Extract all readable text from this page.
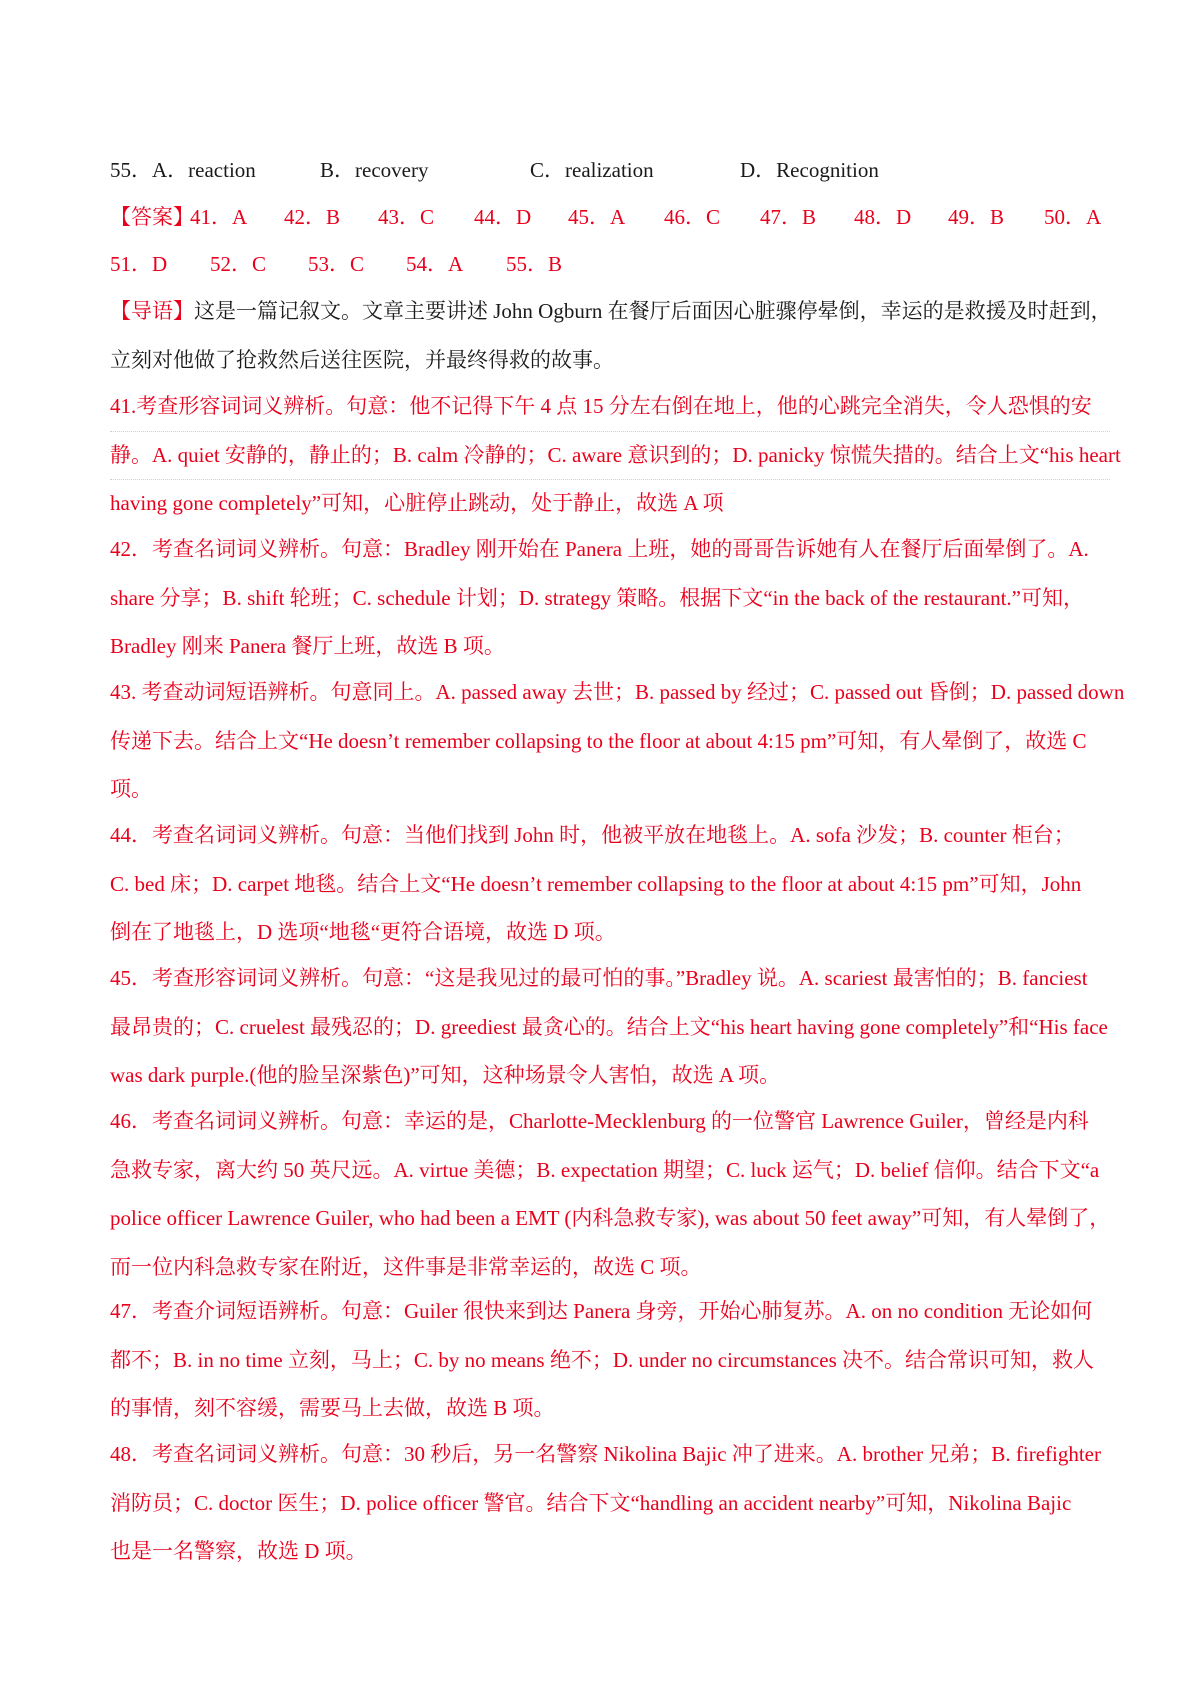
55． A．reaction	B．recovery	C．realization	D．Recognition
【答案】
41．A 42．B 43．C 44．D 45．A 46．C 47．B 48．D 49．B 50．A
51．D 52．C 53．C 54．A 55．B
【导语】这是一篇记叙文。文章主要讲述 John Ogburn 在餐厅后面因心脏骤停晕倒，幸运的是救援及时赶到，
立刻对他做了抢救然后送往医院，并最终得救的故事。
41.考查形容词词义辨析。句意：他不记得下午 4 点 15 分左右倒在地上，他的心跳完全消失，令人恐惧的安
静。A. quiet 安静的，静止的；B. calm 冷静的；C. aware 意识到的；D. panicky 惊慌失措的。结合上文“his heart
having gone completely”可知，心脏停止跳动，处于静止，故选 A 项
42．考查名词词义辨析。句意：Bradley 刚开始在 Panera 上班，她的哥哥告诉她有人在餐厅后面晕倒了。A.
share 分享；B. shift 轮班；C. schedule 计划；D. strategy 策略。根据下文“in the back of the restaurant.”可知，
Bradley 刚来 Panera 餐厅上班，故选 B 项。
43. 考查动词短语辨析。句意同上。A. passed away 去世；B. passed by 经过；C. passed out 昏倒；D. passed down
传递下去。结合上文“He doesn’t remember collapsing to the floor at about 4:15 pm”可知，有人晕倒了，故选 C
项。
44．考查名词词义辨析。句意：当他们找到 John 时，他被平放在地毯上。A. sofa 沙发；B. counter 柜台；
C. bed 床；D. carpet 地毯。结合上文“He doesn’t remember collapsing to the floor at about 4:15 pm”可知，John
倒在了地毯上，D 选项“地毯“更符合语境，故选 D 项。
45．考查形容词词义辨析。句意：“这是我见过的最可怕的事。”Bradley 说。A. scariest 最害怕的；B. fanciest
最昂贵的；C. cruelest 最残忍的；D. greediest 最贪心的。结合上文“his heart having gone completely”和“His face
was dark purple.(他的脸呈深紫色)”可知，这种场景令人害怕，故选 A 项。
46．考查名词词义辨析。句意：幸运的是，Charlotte-Mecklenburg 的一位警官 Lawrence Guiler，曾经是内科
急救专家，离大约 50 英尺远。A. virtue 美德；B. expectation 期望；C. luck 运气；D. belief 信仰。结合下文“a
police officer Lawrence Guiler, who had been a EMT (内科急救专家), was about 50 feet away”可知，有人晕倒了，
而一位内科急救专家在附近，这件事是非常幸运的，故选 C 项。
47．考查介词短语辨析。句意：Guiler 很快来到达 Panera 身旁，开始心肺复苏。A. on no condition 无论如何
都不；B. in no time 立刻，马上；C. by no means 绝不；D. under no circumstances 决不。结合常识可知，救人
的事情，刻不容缓，需要马上去做，故选 B 项。
48．考查名词词义辨析。句意：30 秒后，另一名警察 Nikolina Bajic 冲了进来。A. brother 兄弟；B. firefighter
消防员；C. doctor 医生；D. police officer 警官。结合下文“handling an accident nearby”可知，Nikolina Bajic
也是一名警察，故选 D 项。
